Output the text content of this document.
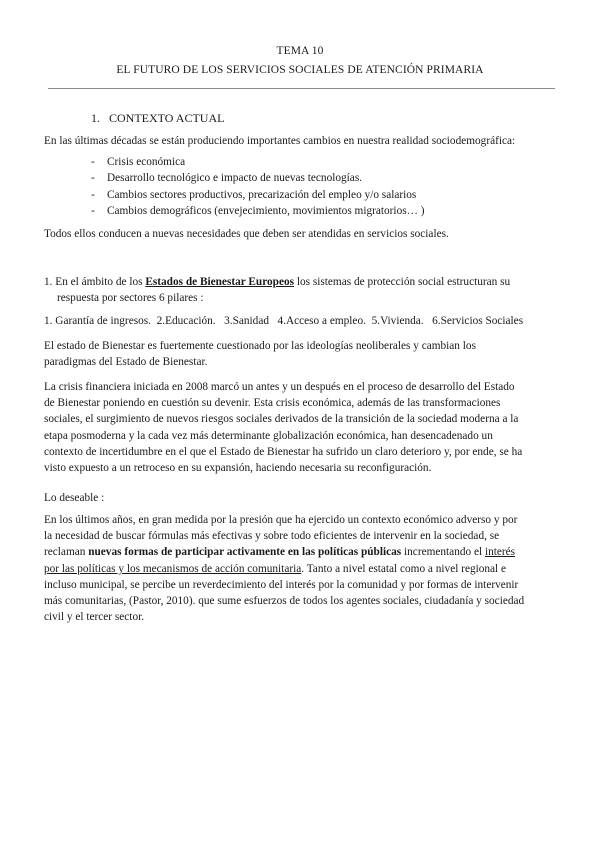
TEMA 10
EL FUTURO DE LOS SERVICIOS SOCIALES DE ATENCIÓN PRIMARIA
1. CONTEXTO ACTUAL
En las últimas décadas se están produciendo importantes cambios en nuestra realidad sociodemográfica:
- Crisis económica
- Desarrollo tecnológico e impacto de nuevas tecnologías.
- Cambios sectores productivos, precarización del empleo y/o salarios
- Cambios demográficos (envejecimiento, movimientos migratorios… )
Todos ellos conducen a nuevas necesidades que deben ser atendidas en servicios sociales.

1. En el ámbito de los Estados de Bienestar Europeos los sistemas de protección social estructuran su

respuesta por sectores 6 pilares :

1. Garantía de ingresos. 2.Educación. 3.Sanidad 4.Acceso a empleo. 5.Vivienda. 6.Servicios Sociales

El estado de Bienestar es fuertemente cuestionado por las ideologías neoliberales y cambian los

paradigmas del Estado de Bienestar.

La crisis financiera iniciada en 2008 marcó un antes y un después en el proceso de desarrollo del Estado

de Bienestar poniendo en cuestión su devenir. Esta crisis económica, además de las transformaciones

sociales, el surgimiento de nuevos riesgos sociales derivados de la transición de la sociedad moderna a la

etapa posmoderna y la cada vez más determinante globalización económica, han desencadenado un

contexto de incertidumbre en el que el Estado de Bienestar ha sufrido un claro deterioro y, por ende, se ha

visto expuesto a un retroceso en su expansión, haciendo necesaria su reconfiguración.

Lo deseable :

En los últimos años, en gran medida por la presión que ha ejercido un contexto económico adverso y por

la necesidad de buscar fórmulas más efectivas y sobre todo eficientes de intervenir en la sociedad, se

reclaman nuevas formas de participar activamente en las políticas públicas incrementando el interés

por las políticas y los mecanismos de acción comunitaria. Tanto a nivel estatal como a nivel regional e

incluso municipal, se percibe un reverdecimiento del interés por la comunidad y por formas de intervenir

más comunitarias, (Pastor, 2010). que sume esfuerzos de todos los agentes sociales, ciudadanía y sociedad

civil y el tercer sector.
